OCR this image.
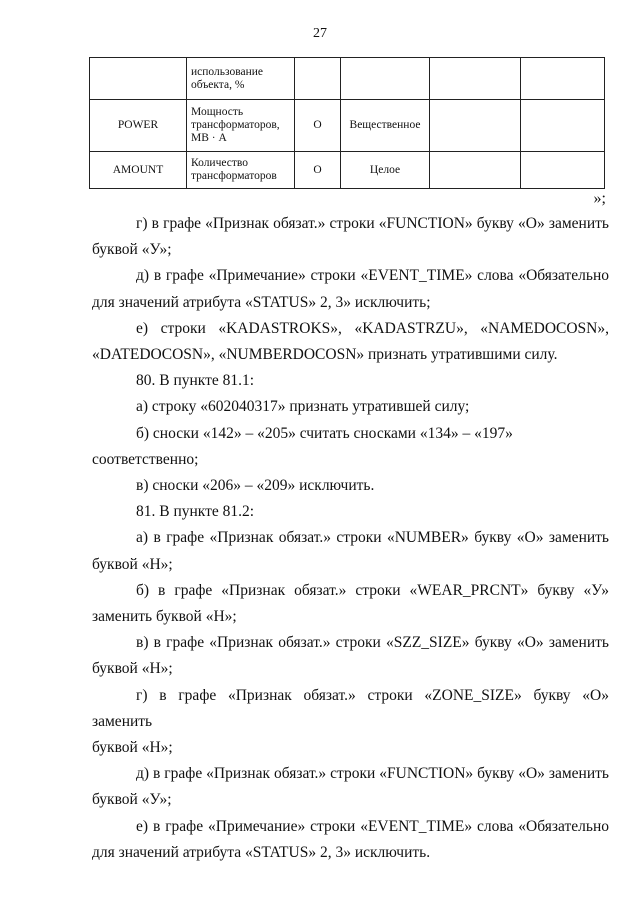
27
	использование объекта, %				
POWER	Мощность трансформаторов, МВ · А	О	Вещественное		
AMOUNT	Количество трансформаторов	О	Целое		
»;

г) в графе «Признак обязат.» строки «FUNCTION» букву «О» заменить

буквой «У»;

д) в графе «Примечание» строки «EVENT_TIME» слова «Обязательно

для значений атрибута «STATUS» 2, 3» исключить;

е) строки «KADASTROKS», «KADASTRZU», «NAMEDOCOSN»,

«DATEDOCOSN», «NUMBERDOCOSN» признать утратившими силу.

80. В пункте 81.1:

а) строку «602040317» признать утратившей силу;

б) сноски «142» – «205» считать сносками «134» – «197» соответственно;

в) сноски «206» – «209» исключить.

81. В пункте 81.2:

а) в графе «Признак обязат.» строки «NUMBER» букву «О» заменить

буквой «Н»;

б) в графе «Признак обязат.» строки «WEAR_PRCNT» букву «У»

заменить буквой «Н»;

в) в графе «Признак обязат.» строки «SZZ_SIZE» букву «О» заменить

буквой «Н»;

г) в графе «Признак обязат.» строки «ZONE_SIZE» букву «О» заменить

буквой «Н»;

д) в графе «Признак обязат.» строки «FUNCTION» букву «О» заменить

буквой «У»;

е) в графе «Примечание» строки «EVENT_TIME» слова «Обязательно

для значений атрибута «STATUS» 2, 3» исключить.
